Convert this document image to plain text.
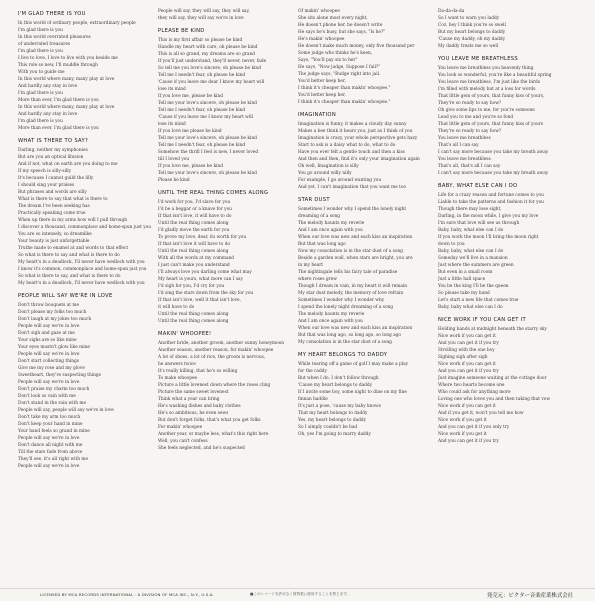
I'M GLAD THERE IS YOU
In this world of ordinary people, extraordinary people
I'm glad there is you
In this world overrated pleasures
of underrated treasures
I'm glad there is you
I live to love, I love to live with you beside me
This role so new, I'll muddle through
With you to guide me
In this world where many, many play at love
And hardly any stay in love
I'm glad there is you
More than ever, I'm glad there is you
In this world where many, many play at love
And hardly any stay in love
I'm glad there is you
More than ever, I'm glad there is you
WHAT IS THERE TO SAY?
Darling, neither my symphonies
But are you an optical illusion
And if not, what on earth are you doing to me
If my speech is silly-silly
It's because I cannot guild the lilly
I should sing your praises
But phrases and words are silly
What is there to say that what is there to
The dream I've been seeking has
Practically speaking come true
When up there in my arms how will I pull through
I discover a thousand, commonplace and home-spun just you
You are so intensely, so dreamlike
Your beauty is just unforgettable
Truthe made to enamel at and words to that effect
So what is there to say and what is there to do
My heart's in a deadlock, I'll never have wedlock with you
I know it's common, commonplace and home-spun just you
So what is there to say, and what is there to do
My heart's in a deadlock, I'll never have wedlock with you
PEOPLE WILL SAY WE'RE IN LOVE
Don't throw bouquets at me
Don't please my folks too much
Don't laugh at my jokes too much
People will say we're in love
Don't sigh and gaze at me
Your sighs are so like mine
Your eyes mustn't glow like mine
People will say we're in love
Don't start collecting things
Give me my rose and my glove
Sweetheart, they're suspecting things
People will say we're in love
Don't praise my charm too much
Don't look so vain with me
Don't stand in the rain with me
People will say, people will say we're in love
Don't take my arm too much
Don't keep your hand in mine
Your hand feels so grand in mine
People will say we're in love
Don't dance all night with me
Till the stars fade from above
They'll see, it's all right with me
People will say we're in love
People will say, they will say, they will say,
they will say, they will say we're in love
PLEASE BE KIND
This is my first affair so please be kind
Handle my heart with care, oh please be kind
This is all so grand, my dreams are so grand
If you'll just understand, they'll never, never, fade
So tell me you love's sincere, oh please be kind
Tell me I needn't fear, oh please be kind
'Cause if you leave me dear I know my heart will
lose its mind
If you love me, please be kind
Tell me your love's sincere, oh please be kind
Tell me I needn't fear, oh please be kind
'Cause if you leave me I know my heart will
lose its mind
If you love me please be kind
Tell me your love's sincere, oh please be kind
Tell me I needn't fear, oh please be kind
Somehow the thrill I feel is new, I never loved
till I loved you
If you love me, please be kind
Tell me your love's sincere, oh please be kind
Please be kind
UNTIL THE REAL THING COMES ALONG
I'd work for you, I'd slave for you
I'd be a beggar or a knave for you
If that isn't love, it will have to do
Until the real thing comes along
I'd gladly move the earth for you
To prove my love, dear, its worth for you
If that isn't love it will have to do
Until the real thing comes along
With all the words at my command
I just can't make you understand
I'll always love you darling come what may
My heart is yours, what more can I say
I'd sigh for you, I'd cry for you
I'd sing the stars down from the sky for you
If that isn't love, well it that isn't love,
it will have to do
Until the real thing comes along
Until the real thing comes along
MAKIN' WHOOPEE!
Another bride, another groom, another sunny honeymoon
Another season, another reason, for makin' whoopee
A lot of shoes, a lot of rice, the groom is nervous,
he answers twice
It's really killing, that he's so willing
To make whoopee
Picture a little lovenest down where the roses cling
Picture the same sweet lovenest
Think what a year can bring
He's washing dishes and baby clothes
He's so ambitious, he even sews
But don't forget folks, that's what you get folks
For makin' whoopee
Another year, or maybe less, what's this right here
Well, you can't confess
She feels neglected, and he's suspected
Of makin' whoopee
She sits alone most every night,
He doesn't phone her, he doesn't write
He says he's busy, but she says, "Is he?"
He's makin' whoopee
He doesn't make much money, only five thousand per
Some judge who thinks he's keen,
Says, "You'll pay six to her"
He says, "Now judge, Suppose I fail?"
The judge says, "Budge right into jail.
You'd better keep her,
I think it's cheaper than makin' whoopee."
You'd better keep her,
I think it's cheaper than makin' whoopee."
IMAGINATION
Imagination is funny, it makes a cloudy day sunny
Makes a bee think it hears you, just as I think of you
Imagination is crazy, your whole perspective gets hazy
Start to ask is a daisy what to do, what to do
Have you ever felt a gentle touch and then a kiss
And then and then, find it's only your imagination again
Oh well, Imagination is silly
You go around willy nilly
For example, I go around wanting you
And yet, I can't imagination that you want me too
STAR DUST
Sometimes I wonder why I spend the lonely night
dreaming of a song
The melody haunts my reverie
And I am once again with you
When our love was new and each kiss an inspiration
But that was long ago
Now my consolation is in the star dust of a song
Beside a garden wall, when stars are bright, you are
in my heart
The nightingale tells his fairy tale of paradise
where roses grew
Though I dream in vain, in my heart it will remain
My star dust melody, the memory of love refrain
Sometimes I wonder why I wonder why
I spend the lonely night dreaming of a song
The melody haunts my reverie
And I am once again with you
When our love was new and each kiss an inspiration
But that was long ago, so long ago, so long ago
My consolation is in the star dust of a song
MY HEART BELONGS TO DADDY
While tearing off a game of golf I may make a play
for the caddy
But when I do, I don't follow through
'Cause my heart belongs to daddy
If I invite some boy, some night to dine on my fine
finnan haddie
It's just a pose, 'cause my baby knows
That my heart belongs to daddy
Yes, my heart belongs to daddy
So I simply couldn't be bad
Oh, yes I'm going to marry daddy
Da-da-da-da
So I want to warn you laddy
Coz, hey I think you're so swell
But my heart belongs to daddy
'Cause my daddy, oh my daddy
My daddy treats me so well
YOU LEAVE ME BREATHLESS
You leave me breathless you heavenly thing
You look so wonderful, you're like a beautiful spring
You leave me breathless, I'm just like the birds
I'm filled with melody but at a loss for words
That little gem of yours, that funny kiss of yours,
They're so ready to say how?
Oh give some lips to me, for you're someone
Lead you to me and you're so fond
That little gem of yours, that funny kiss of yours
They're so ready to say how?
You leave me breathless
That's all I can say
I can't say more because you take my breath away
You leave me breathless
That's all, that's all I can say
I can't say more because you take my breath away
BABY, WHAT ELSE CAN I DO
Life for a crazy reason and fortune comes to you
Liable to take the patterns and fashion it for you
Though there may lose sight,
Darling, in the moon while, I give you my love
I'm sure that love will see us through
Baby, baby, what else can I do
If you work the moon I'll bring the moon right
down to you
Baby, baby, what else can I do
Someday we'll live in a mansion
Just where the summers are green
But even in a small room
Just a little hall space
You be the king I'll be the queen
So please take my hand
Let's start a new life that comes true
Baby, baby what else can I do
NICE WORK IF YOU CAN GET IT
Holding hands at midnight beneath the starry sky
Nice work if you can get it
And you can get it if you try
Strolling with the one boy
Sighing sigh after sigh
Nice work if you can get it
And you can get it if you try
Just imagine someone waiting at the cottage door
Where two hearts become one
Who could ask for anything more
Loving one who loves you and then taking that vow
Nice work if you can get it
And if you get it, won't you tell me how
Nice work if you get it
And you can get it if you only try
Nice work if you get it
And you can get it if you try
LICENSED BY MCA RECORDS INTERNATIONAL · A DIVISION OF MCA INC., N.Y., U.S.A.	■このレコードを許可なく賃貸業に使用することを禁じます。	発売元：ビクター音楽産業株式会社
